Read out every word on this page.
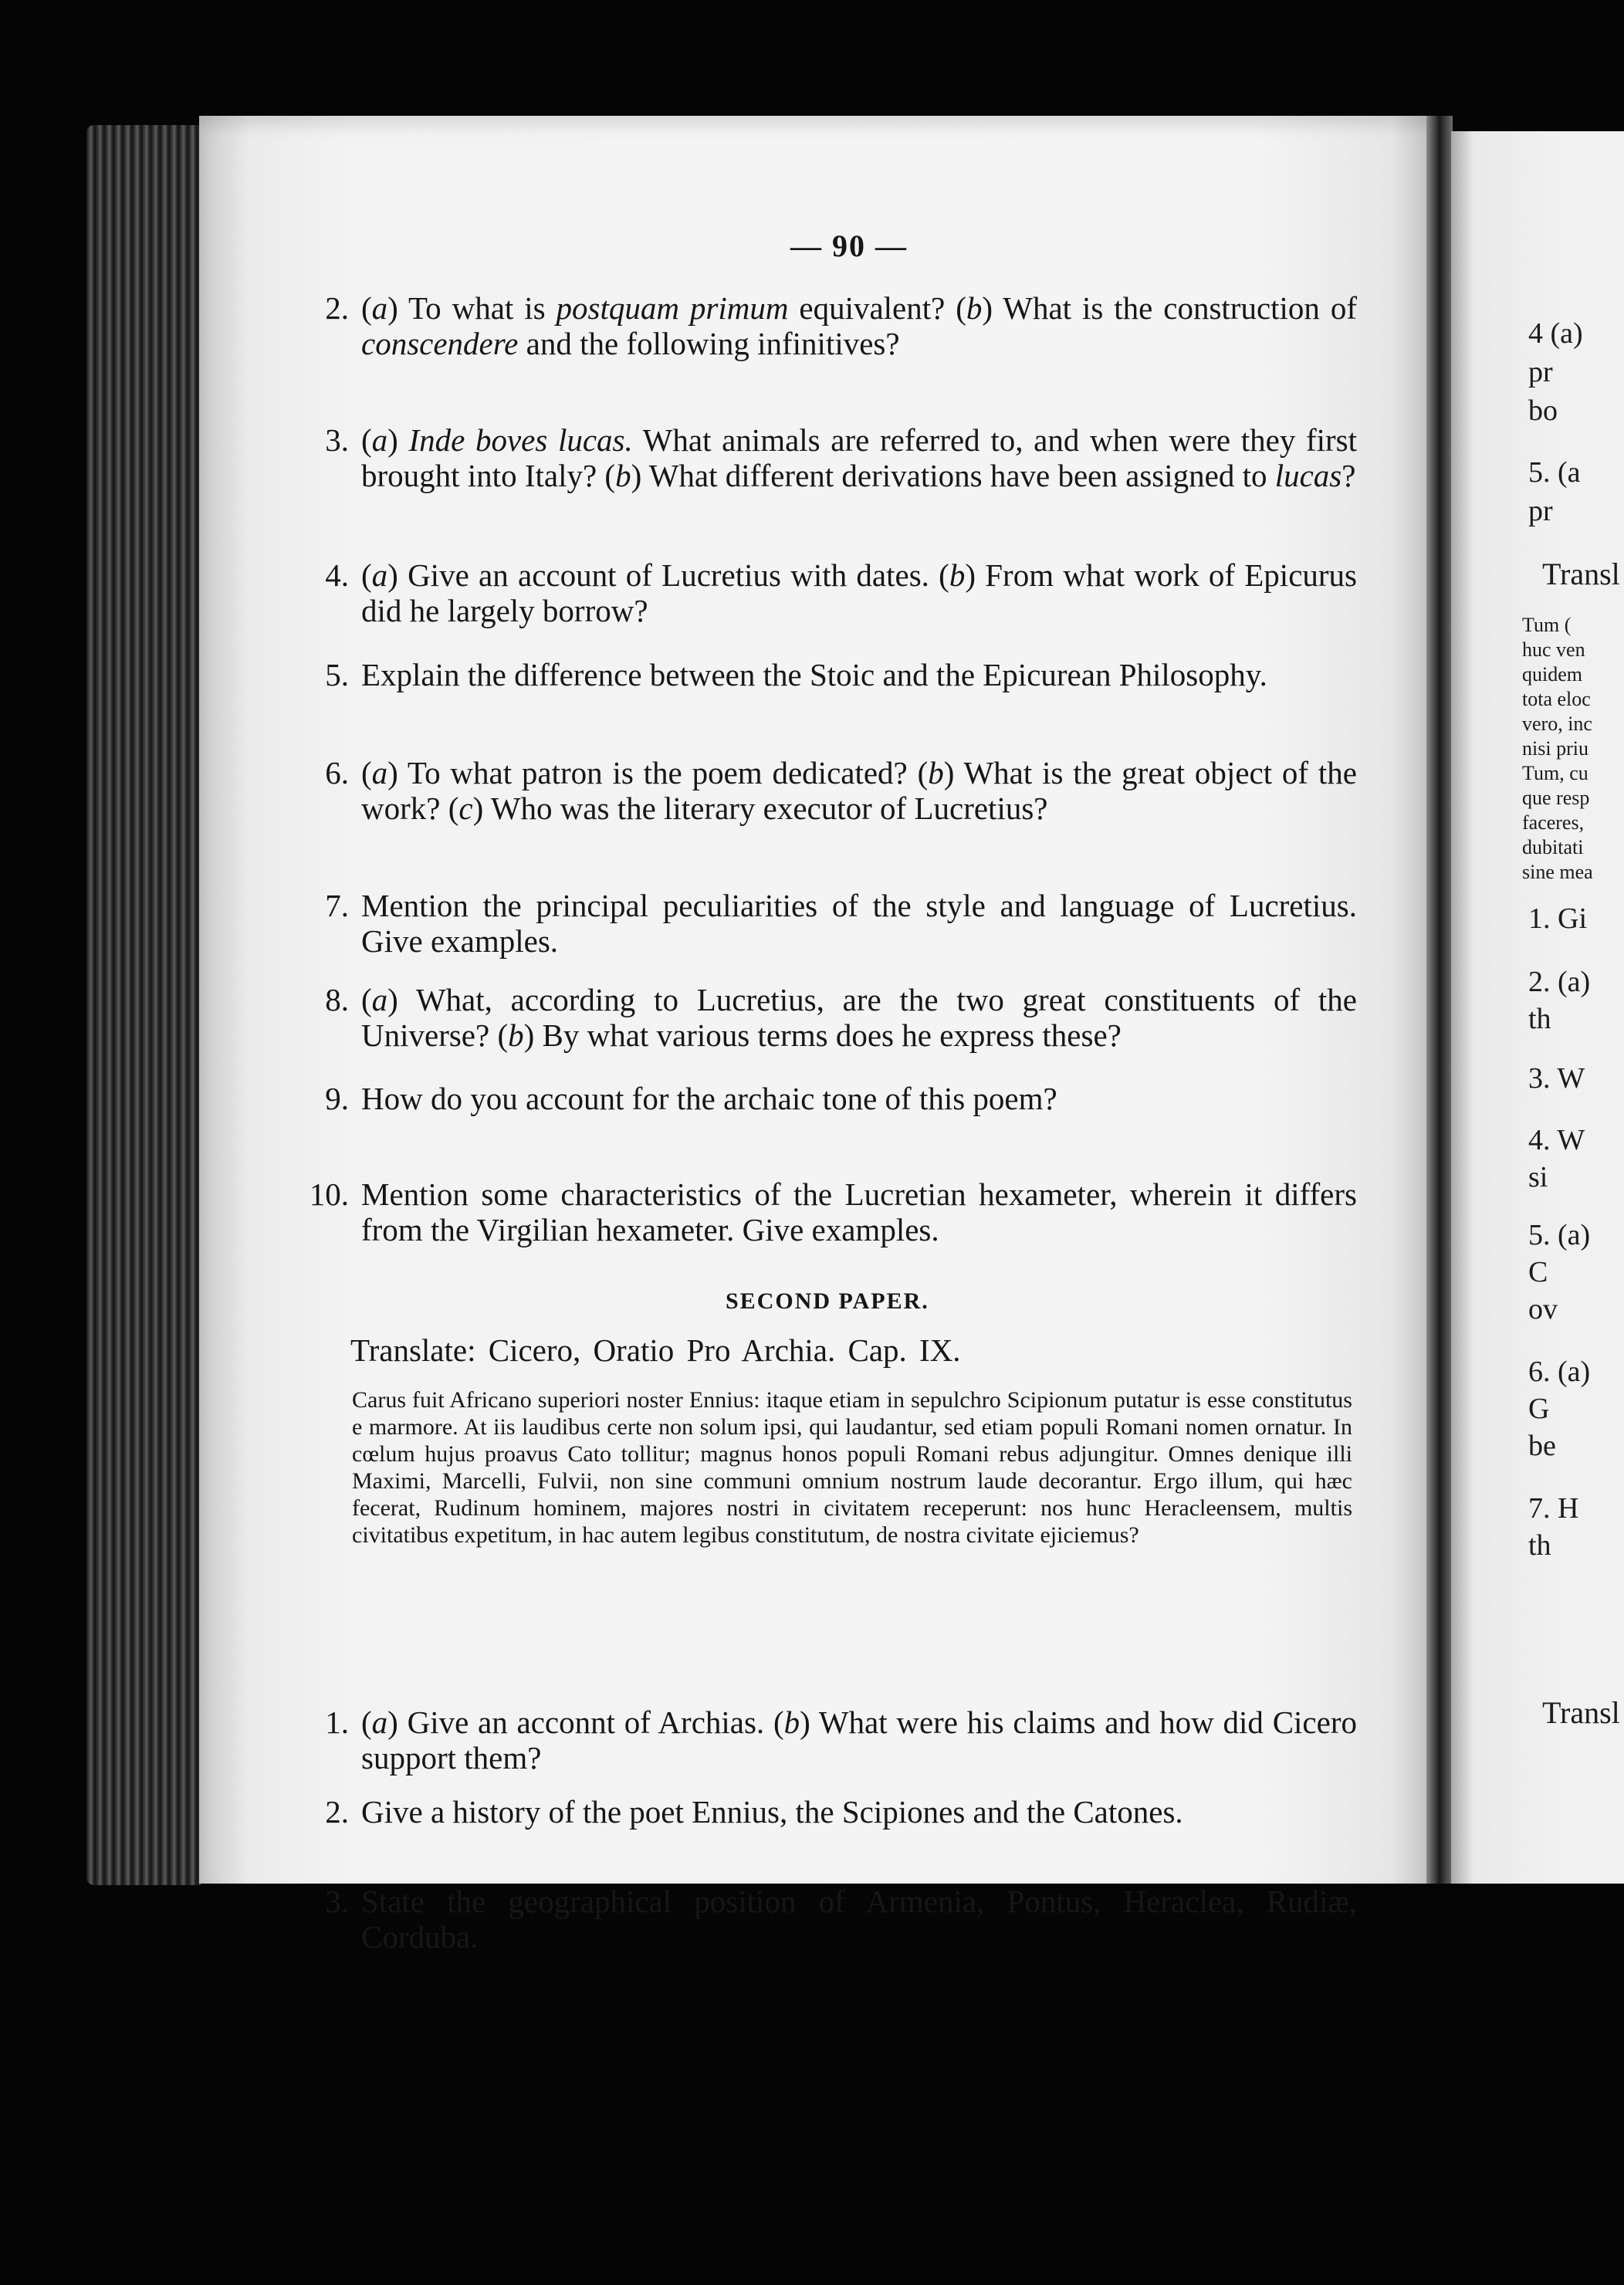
4 (a)
pr
bo
5. (a
pr
Transl
Tum (
huc ven
quidem
tota eloc
vero, inc
nisi priu
Tum, cu
que resp
faceres,
dubitati
sine mea
1. Gi
2. (a)
th
3. W
4. W
si
5. (a)
C
ov
6. (a)
G
be
7. H
th
Transl
— 90 —
2. (a) To what is postquam primum equivalent? (b) What is the construction of conscendere and the following infinitives?
3. (a) Inde boves lucas. What animals are referred to, and when were they first brought into Italy? (b) What different derivations have been assigned to lucas?
4. (a) Give an account of Lucretius with dates. (b) From what work of Epicurus did he largely borrow?
5. Explain the difference between the Stoic and the Epicurean Philosophy.
6. (a) To what patron is the poem dedicated? (b) What is the great object of the work? (c) Who was the literary executor of Lucretius?
7. Mention the principal peculiarities of the style and language of Lucretius. Give examples.
8. (a) What, according to Lucretius, are the two great constituents of the Universe? (b) By what various terms does he express these?
9. How do you account for the archaic tone of this poem?
10. Mention some characteristics of the Lucretian hexameter, wherein it differs from the Virgilian hexameter. Give examples.
SECOND PAPER.
Translate: Cicero, Oratio Pro Archia. Cap. IX.
Carus fuit Africano superiori noster Ennius: itaque etiam in sepulchro Scipionum putatur is esse constitutus e marmore. At iis laudibus certe non solum ipsi, qui laudantur, sed etiam populi Romani nomen ornatur. In cœlum hujus proavus Cato tollitur; magnus honos populi Romani rebus adjungitur. Omnes denique illi Maximi, Marcelli, Fulvii, non sine communi omnium nostrum laude decorantur. Ergo illum, qui hæc fecerat, Rudinum hominem, majores nostri in civitatem receperunt: nos hunc Heracleensem, multis civitatibus expetitum, in hac autem legibus constitutum, de nostra civitate ejiciemus?
1. (a) Give an acconnt of Archias. (b) What were his claims and how did Cicero support them?
2. Give a history of the poet Ennius, the Scipiones and the Catones.
3. State the geographical position of Armenia, Pontus, Heraclea, Rudiæ, Corduba.
